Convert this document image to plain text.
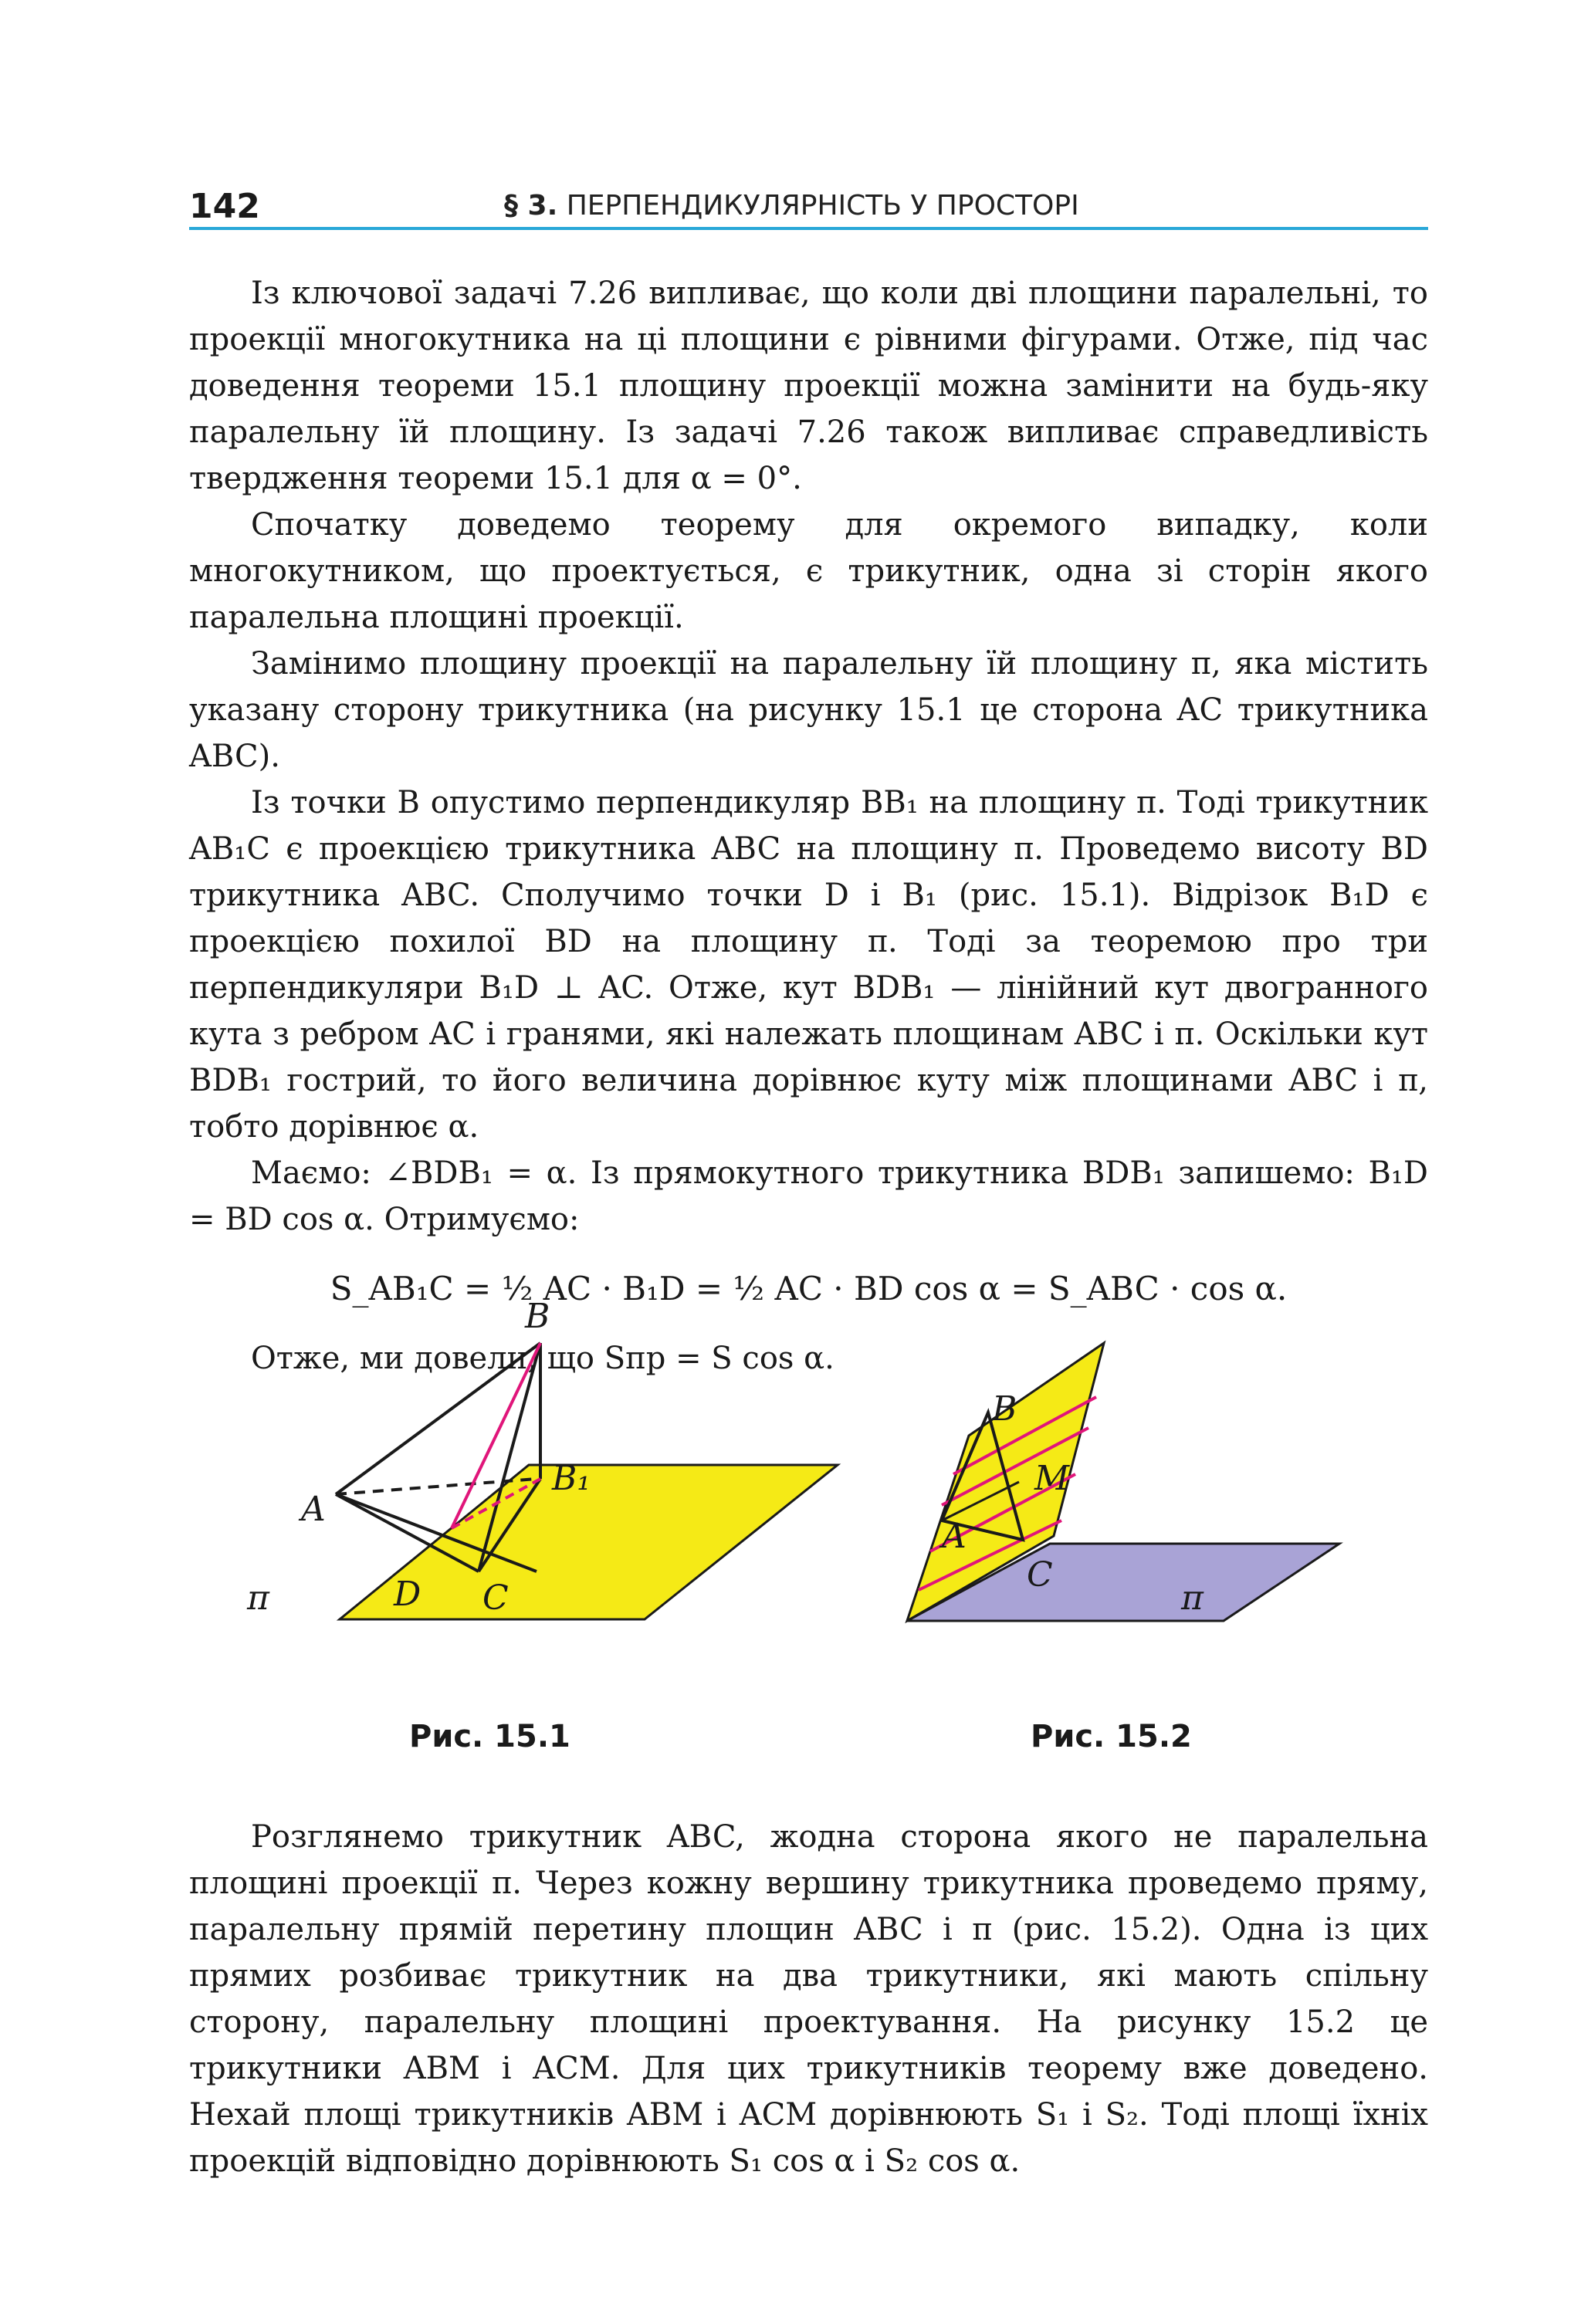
142	§ 3. ПЕРПЕНДИКУЛЯРНІСТЬ У ПРОСТОРІ

Із ключової задачі 7.26 випливає, що коли дві площини паралельні, то проекції многокутника на ці площини є рівними фігурами. Отже, під час доведення теореми 15.1 площину проекції можна замінити на будь-яку паралельну їй площину. Із задачі 7.26 також випливає справедливість твердження теореми 15.1 для α = 0°.

Спочатку доведемо теорему для окремого випадку, коли многокутником, що проектується, є трикутник, одна зі сторін якого паралельна площині проекції.

Замінимо площину проекції на паралельну їй площину π, яка містить указану сторону трикутника (на рисунку 15.1 це сторона AC трикутника ABC).

Із точки B опустимо перпендикуляр BB₁ на площину π. Тоді трикутник AB₁C є проекцією трикутника ABC на площину π. Проведемо висоту BD трикутника ABC. Сполучимо точки D і B₁ (рис. 15.1). Відрізок B₁D є проекцією похилої BD на площину π. Тоді за теоремою про три перпендикуляри B₁D ⊥ AC. Отже, кут BDB₁ — лінійний кут двогранного кута з ребром AC і гранями, які належать площинам ABC і π. Оскільки кут BDB₁ гострий, то його величина дорівнює куту між площинами ABC і π, тобто дорівнює α.

Маємо: ∠BDB₁ = α. Із прямокутного трикутника BDB₁ запишемо: B₁D = BD cos α. Отримуємо:

S_AB₁C = ½ AC · B₁D = ½ AC · BD cos α = S_ABC · cos α.

Отже, ми довели, що Sпр = S cos α.

B
A
B₁
π	D C
B
M
A
C
π
Рис. 15.1	Рис. 15.2

Розглянемо трикутник ABC, жодна сторона якого не паралельна площині проекції π. Через кожну вершину трикутника проведемо пряму, паралельну прямій перетину площин ABC і π (рис. 15.2). Одна із цих прямих розбиває трикутник на два трикутники, які мають спільну сторону, паралельну площині проектування. На рисунку 15.2 це трикутники ABM і ACM. Для цих трикутників теорему вже доведено. Нехай площі трикутників ABM і ACM дорівнюють S₁ і S₂. Тоді площі їхніх проекцій відповідно дорівнюють S₁ cos α і S₂ cos α.
